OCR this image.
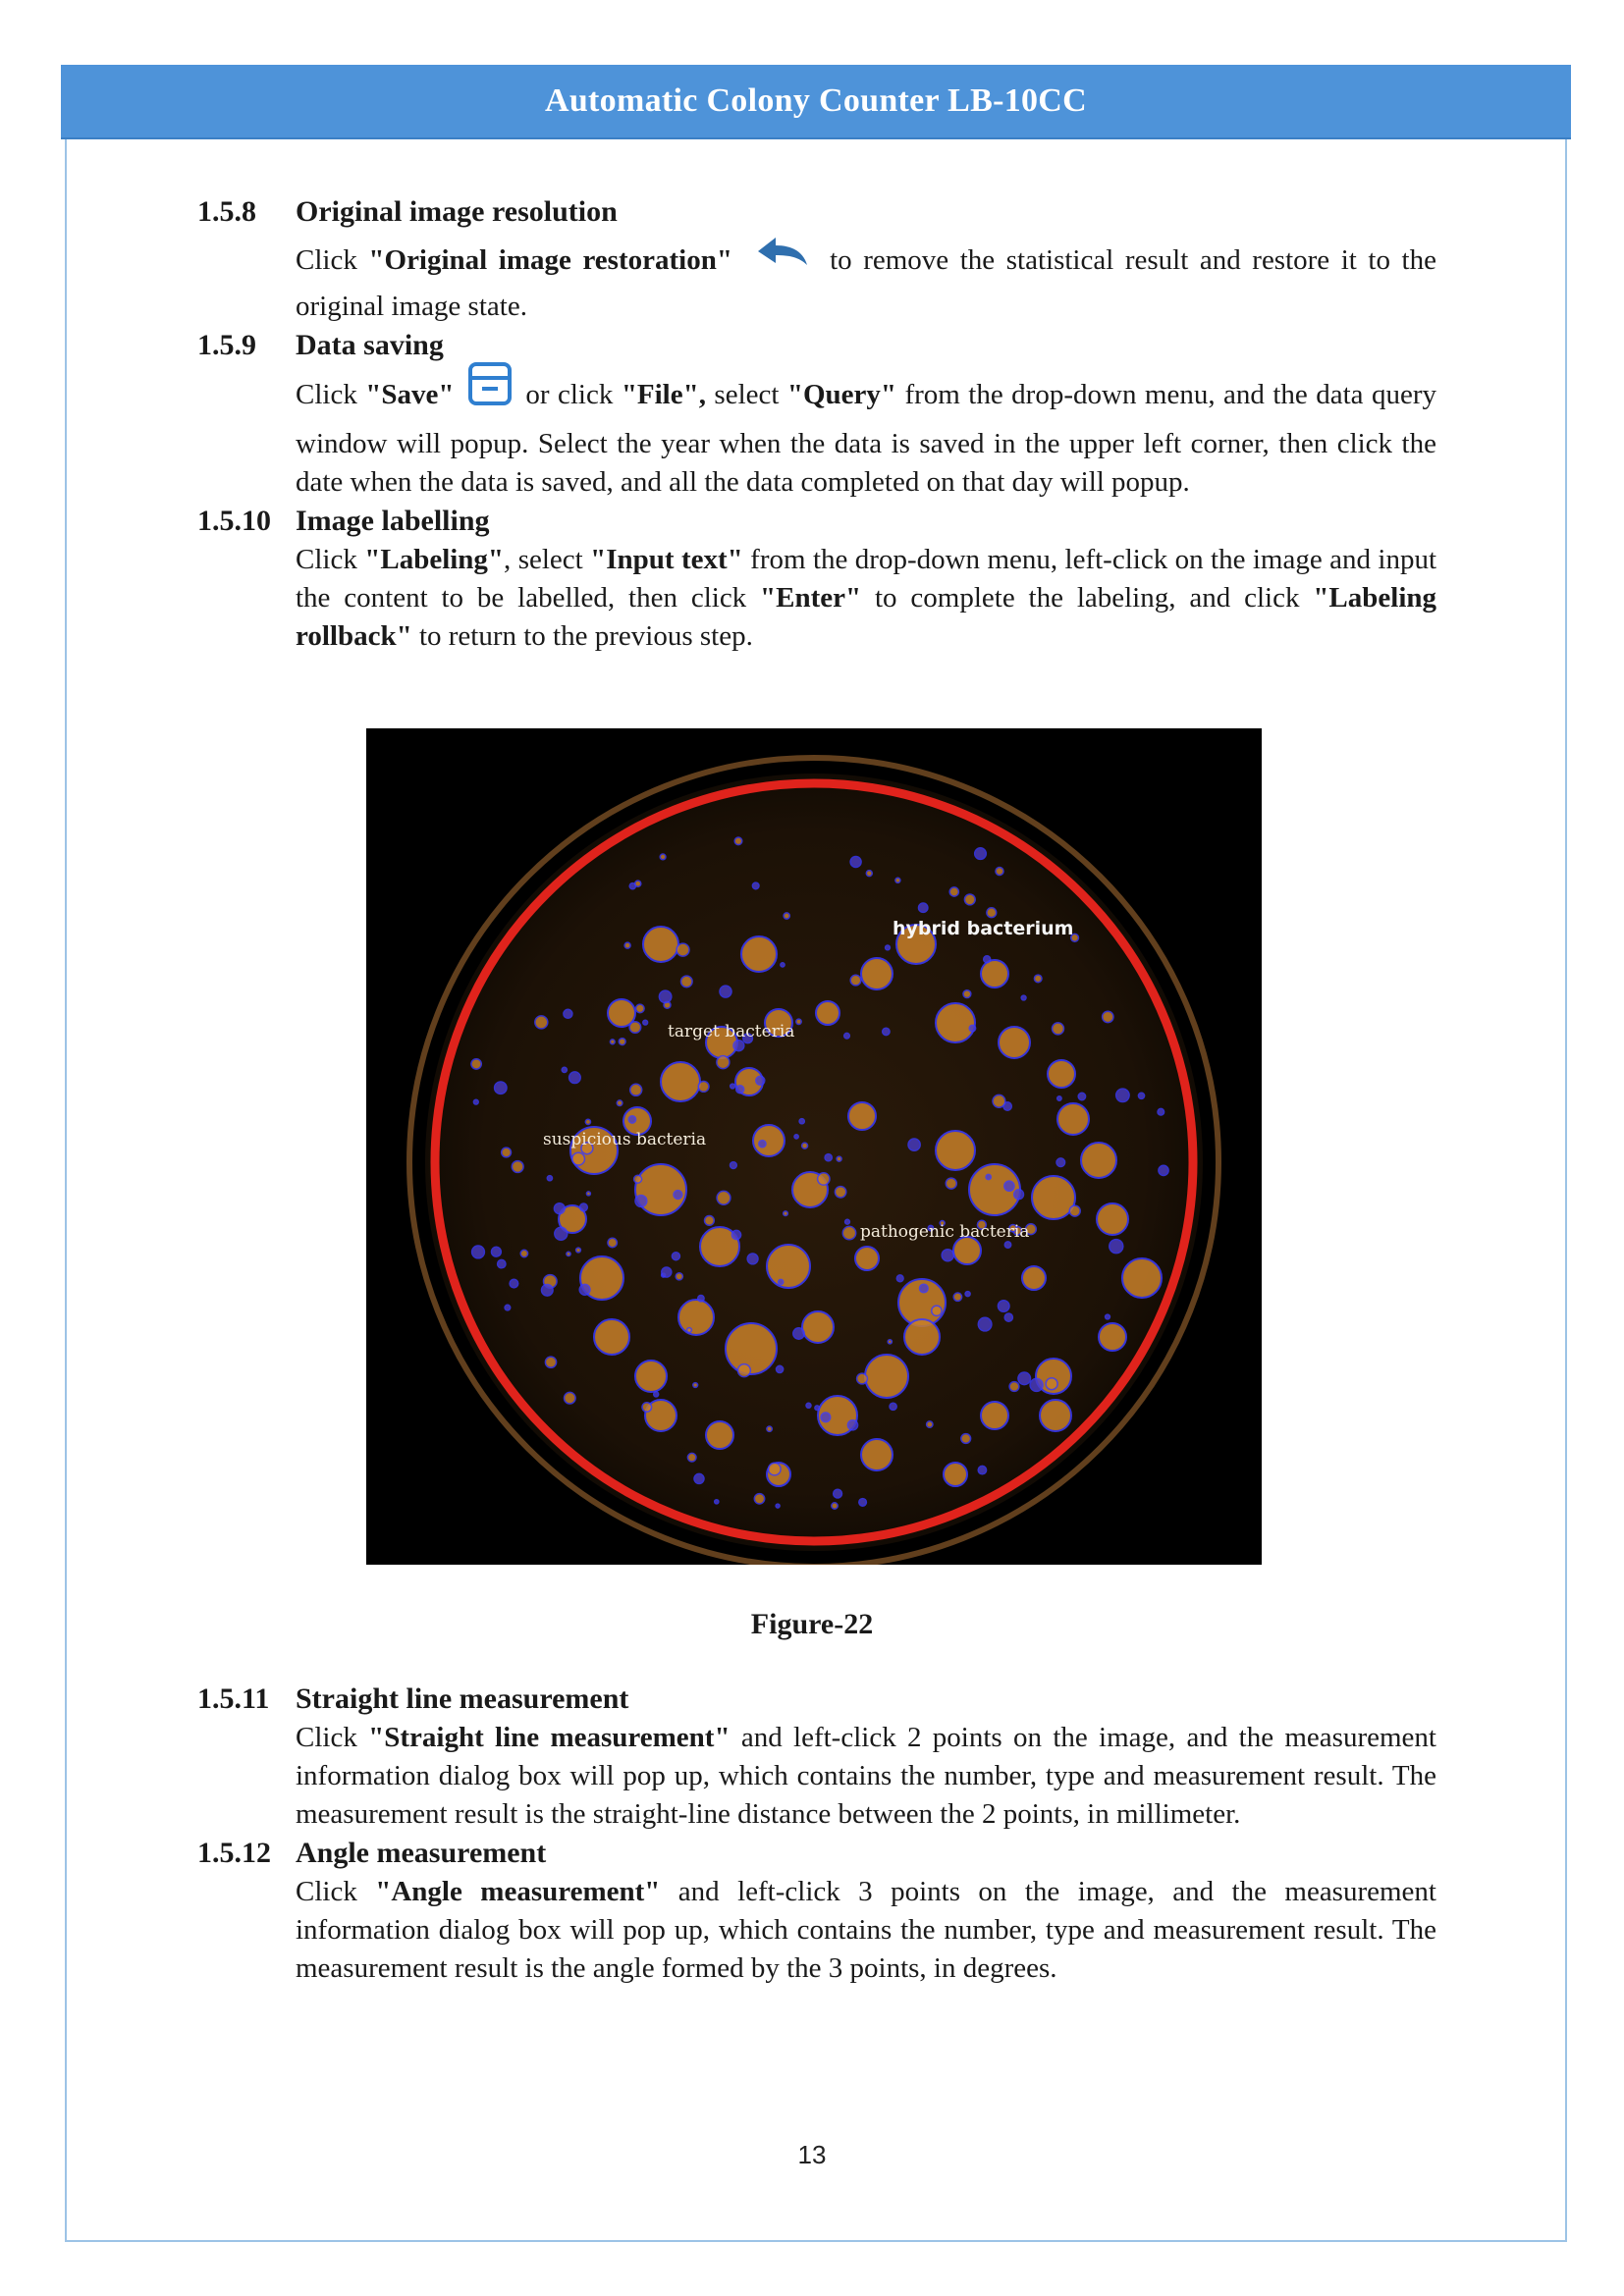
Automatic Colony Counter LB-10CC
1.5.8	Original image resolution
Click "Original image restoration"	to remove the statistical result and restore it to the original image state.
1.5.9	Data saving
Click "Save"	or click "File", select "Query" from the drop-down menu, and the data query window will popup. Select the year when the data is saved in the upper left corner, then click the date when the data is saved, and all the data completed on that day will popup.
1.5.10 Image labelling
Click "Labeling", select "Input text" from the drop-down menu, left-click on the image and input the content to be labelled, then click "Enter" to complete the labeling, and click "Labeling rollback" to return to the previous step.
hybrid bacterium
target bacteria
suspicious bacteria
pathogenic bacteria
Figure-22
1.5.11 Straight line measurement
Click "Straight line measurement" and left-click 2 points on the image, and the measurement information dialog box will pop up, which contains the number, type and measurement result. The measurement result is the straight-line distance between the 2 points, in millimeter.
1.5.12 Angle measurement
Click "Angle measurement" and left-click 3 points on the image, and the measurement information dialog box will pop up, which contains the number, type and measurement result. The measurement result is the angle formed by the 3 points, in degrees.
13
